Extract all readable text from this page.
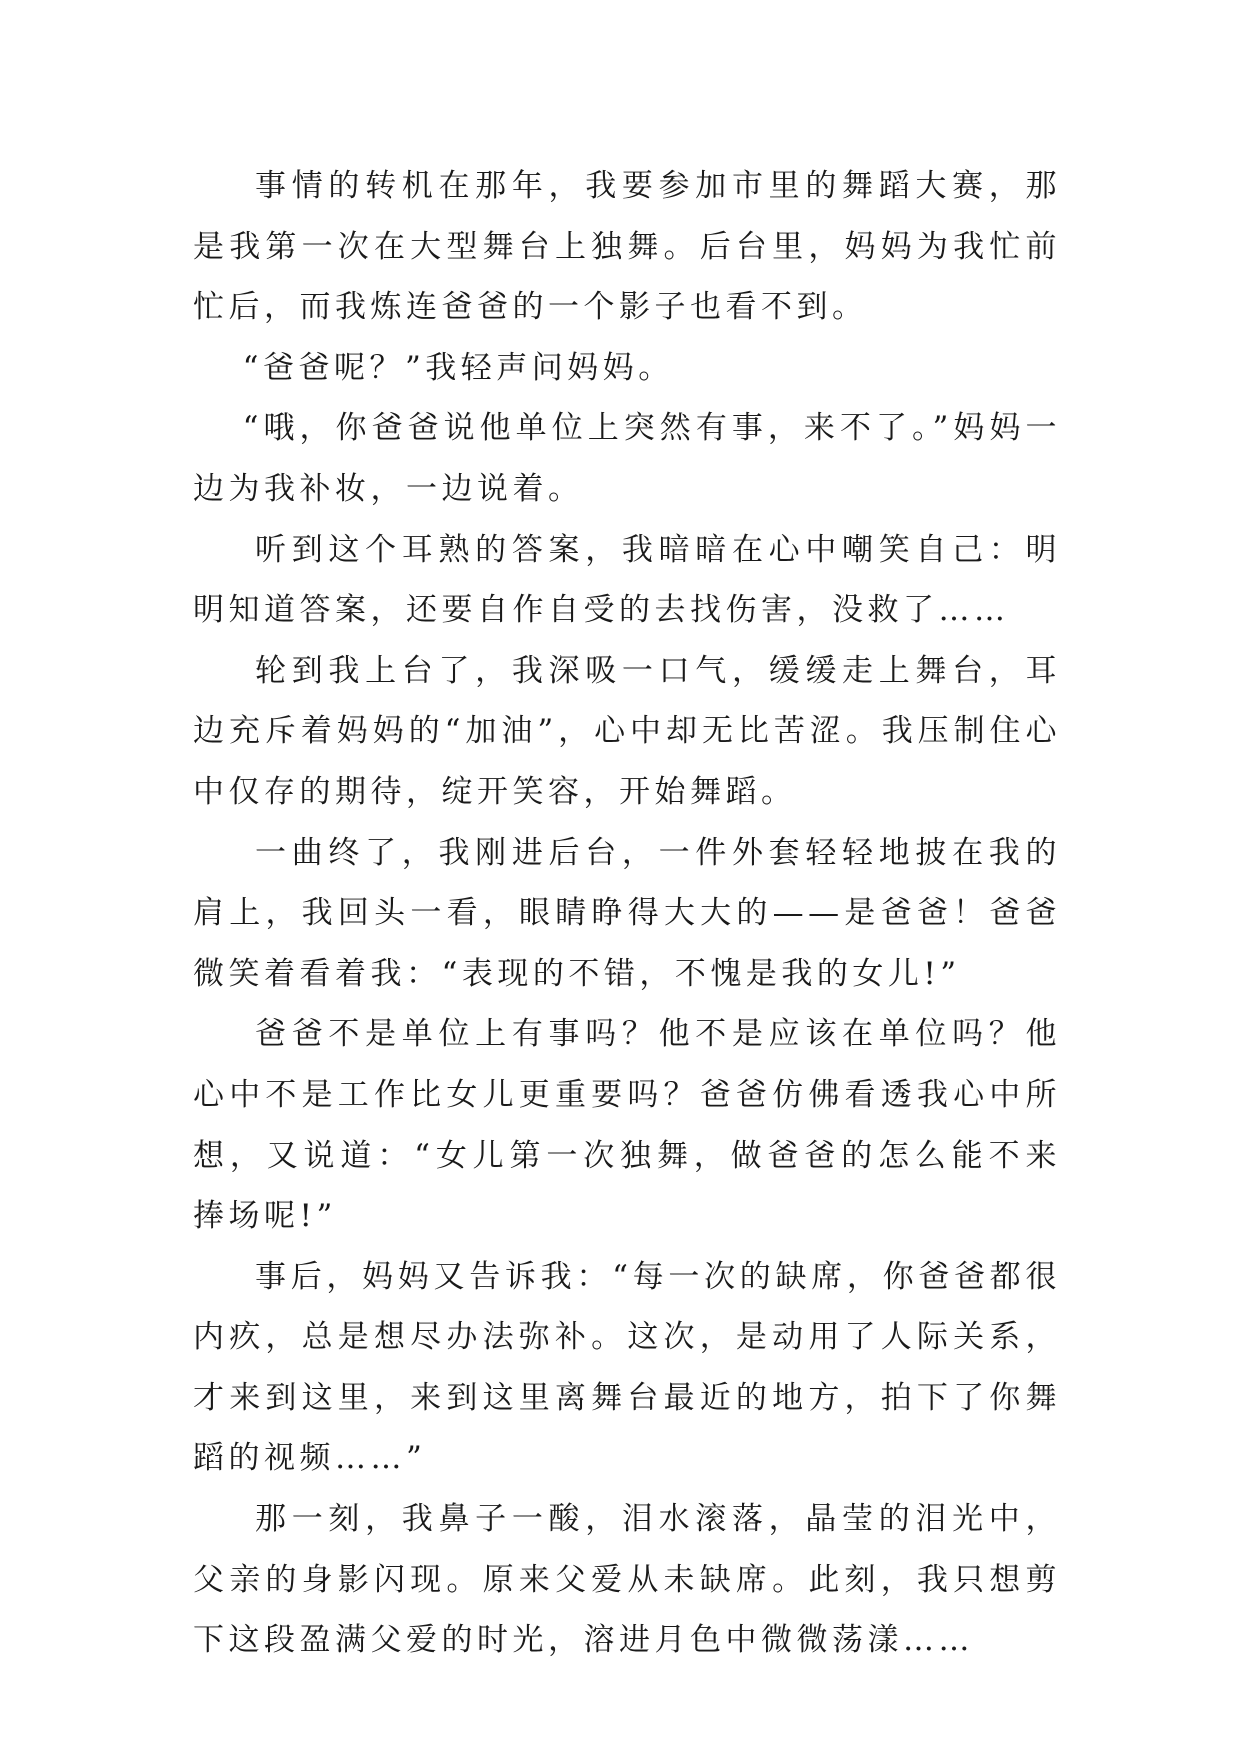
事情的转机在那年，我要参加市里的舞蹈大赛，那是我第一次在大型舞台上独舞。后台里，妈妈为我忙前忙后，而我炼连爸爸的一个影子也看不到。

“爸爸呢？”我轻声问妈妈。

“哦，你爸爸说他单位上突然有事，来不了。”妈妈一边为我补妆，一边说着。

听到这个耳熟的答案，我暗暗在心中嘲笑自己：明明知道答案，还要自作自受的去找伤害，没救了……

轮到我上台了，我深吸一口气，缓缓走上舞台，耳边充斥着妈妈的“加油”，心中却无比苦涩。我压制住心中仅存的期待，绽开笑容，开始舞蹈。

一曲终了，我刚进后台，一件外套轻轻地披在我的肩上，我回头一看，眼睛睁得大大的——是爸爸！爸爸微笑着看着我：“表现的不错，不愧是我的女儿!”

爸爸不是单位上有事吗？他不是应该在单位吗？他心中不是工作比女儿更重要吗？爸爸仿佛看透我心中所想，又说道：“女儿第一次独舞，做爸爸的怎么能不来捧场呢!”

事后，妈妈又告诉我：“每一次的缺席，你爸爸都很内疚，总是想尽办法弥补。这次，是动用了人际关系，才来到这里，来到这里离舞台最近的地方，拍下了你舞蹈的视频……”

那一刻，我鼻子一酸，泪水滚落，晶莹的泪光中，父亲的身影闪现。原来父爱从未缺席。此刻，我只想剪下这段盈满父爱的时光，溶进月色中微微荡漾……
